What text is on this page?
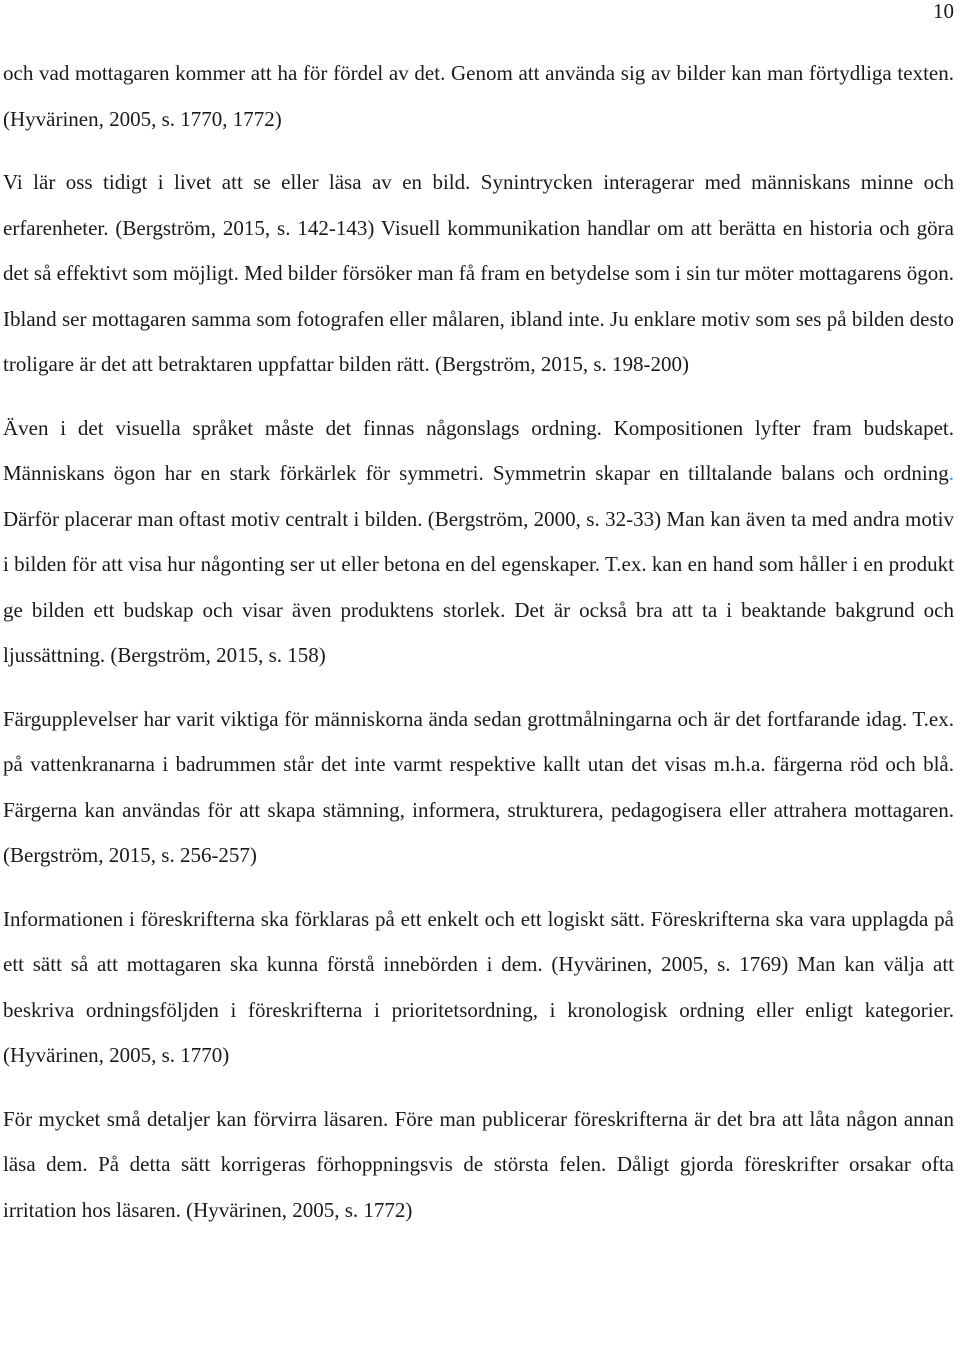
10

och vad mottagaren kommer att ha för fördel av det. Genom att använda sig av bilder kan man förtydliga texten. (Hyvärinen, 2005, s. 1770, 1772)

Vi lär oss tidigt i livet att se eller läsa av en bild. Synintrycken interagerar med människans minne och erfarenheter. (Bergström, 2015, s. 142-143) Visuell kommunikation handlar om att berätta en historia och göra det så effektivt som möjligt. Med bilder försöker man få fram en betydelse som i sin tur möter mottagarens ögon. Ibland ser mottagaren samma som fotografen eller målaren, ibland inte. Ju enklare motiv som ses på bilden desto troligare är det att betraktaren uppfattar bilden rätt. (Bergström, 2015, s. 198-200)

Även i det visuella språket måste det finnas någonslags ordning. Kompositionen lyfter fram budskapet. Människans ögon har en stark förkärlek för symmetri. Symmetrin skapar en tilltalande balans och ordning. Därför placerar man oftast motiv centralt i bilden. (Bergström, 2000, s. 32-33) Man kan även ta med andra motiv i bilden för att visa hur någonting ser ut eller betona en del egenskaper. T.ex. kan en hand som håller i en produkt ge bilden ett budskap och visar även produktens storlek. Det är också bra att ta i beaktande bakgrund och ljussättning. (Bergström, 2015, s. 158)

Färgupplevelser har varit viktiga för människorna ända sedan grottmålningarna och är det fortfarande idag. T.ex. på vattenkranarna i badrummen står det inte varmt respektive kallt utan det visas m.h.a. färgerna röd och blå. Färgerna kan användas för att skapa stämning, informera, strukturera, pedagogisera eller attrahera mottagaren. (Bergström, 2015, s. 256-257)

Informationen i föreskrifterna ska förklaras på ett enkelt och ett logiskt sätt. Föreskrifterna ska vara upplagda på ett sätt så att mottagaren ska kunna förstå innebörden i dem. (Hyvärinen, 2005, s. 1769) Man kan välja att beskriva ordningsföljden i föreskrifterna i prioritetsordning, i kronologisk ordning eller enligt kategorier. (Hyvärinen, 2005, s. 1770)

För mycket små detaljer kan förvirra läsaren. Före man publicerar föreskrifterna är det bra att låta någon annan läsa dem. På detta sätt korrigeras förhoppningsvis de största felen. Dåligt gjorda föreskrifter orsakar ofta irritation hos läsaren. (Hyvärinen, 2005, s. 1772)
